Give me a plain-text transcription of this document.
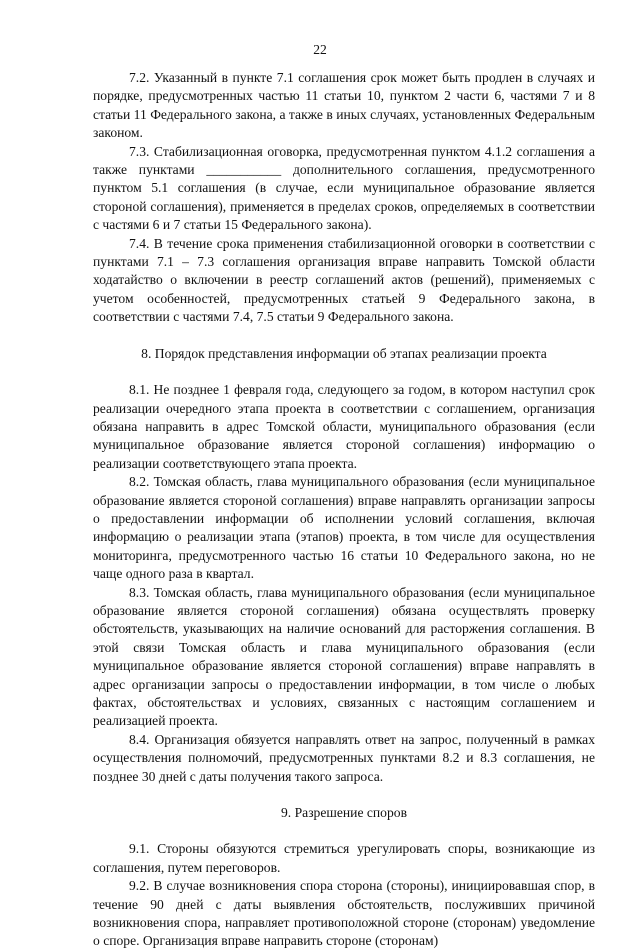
22

7.2. Указанный в пункте 7.1 соглашения срок может быть продлен в случаях и порядке, предусмотренных частью 11 статьи 10, пунктом 2 части 6, частями 7 и 8 статьи 11 Федерального закона, а также в иных случаях, установленных Федеральным законом.

7.3. Стабилизационная оговорка, предусмотренная пунктом 4.1.2 соглашения а также пунктами ___________ дополнительного соглашения, предусмотренного пунктом 5.1 соглашения (в случае, если муниципальное образование является стороной соглашения), применяется в пределах сроков, определяемых в соответствии с частями 6 и 7 статьи 15 Федерального закона).

7.4. В течение срока применения стабилизационной оговорки в соответствии с пунктами 7.1 – 7.3 соглашения организация вправе направить Томской области ходатайство о включении в реестр соглашений актов (решений), применяемых с учетом особенностей, предусмотренных статьей 9 Федерального закона, в соответствии с частями 7.4, 7.5 статьи 9 Федерального закона.

8. Порядок представления информации об этапах реализации проекта

8.1. Не позднее 1 февраля года, следующего за годом, в котором наступил срок реализации очередного этапа проекта в соответствии с соглашением, организация обязана направить в адрес Томской области, муниципального образования (если муниципальное образование является стороной соглашения) информацию о реализации соответствующего этапа проекта.

8.2. Томская область, глава муниципального образования (если муниципальное образование является стороной соглашения) вправе направлять организации запросы о предоставлении информации об исполнении условий соглашения, включая информацию о реализации этапа (этапов) проекта, в том числе для осуществления мониторинга, предусмотренного частью 16 статьи 10 Федерального закона, но не чаще одного раза в квартал.

8.3. Томская область, глава муниципального образования (если муниципальное образование является стороной соглашения) обязана осуществлять проверку обстоятельств, указывающих на наличие оснований для расторжения соглашения. В этой связи Томская область и глава муниципального образования (если муниципальное образование является стороной соглашения) вправе направлять в адрес организации запросы о предоставлении информации, в том числе о любых фактах, обстоятельствах и условиях, связанных с настоящим соглашением и реализацией проекта.

8.4. Организация обязуется направлять ответ на запрос, полученный в рамках осуществления полномочий, предусмотренных пунктами 8.2 и 8.3 соглашения, не позднее 30 дней с даты получения такого запроса.

9. Разрешение споров

9.1. Стороны обязуются стремиться урегулировать споры, возникающие из соглашения, путем переговоров.

9.2. В случае возникновения спора сторона (стороны), инициировавшая спор, в течение 90 дней с даты выявления обстоятельств, послуживших причиной возникновения спора, направляет противоположной стороне (сторонам) уведомление о споре. Организация вправе направить стороне (сторонам)
